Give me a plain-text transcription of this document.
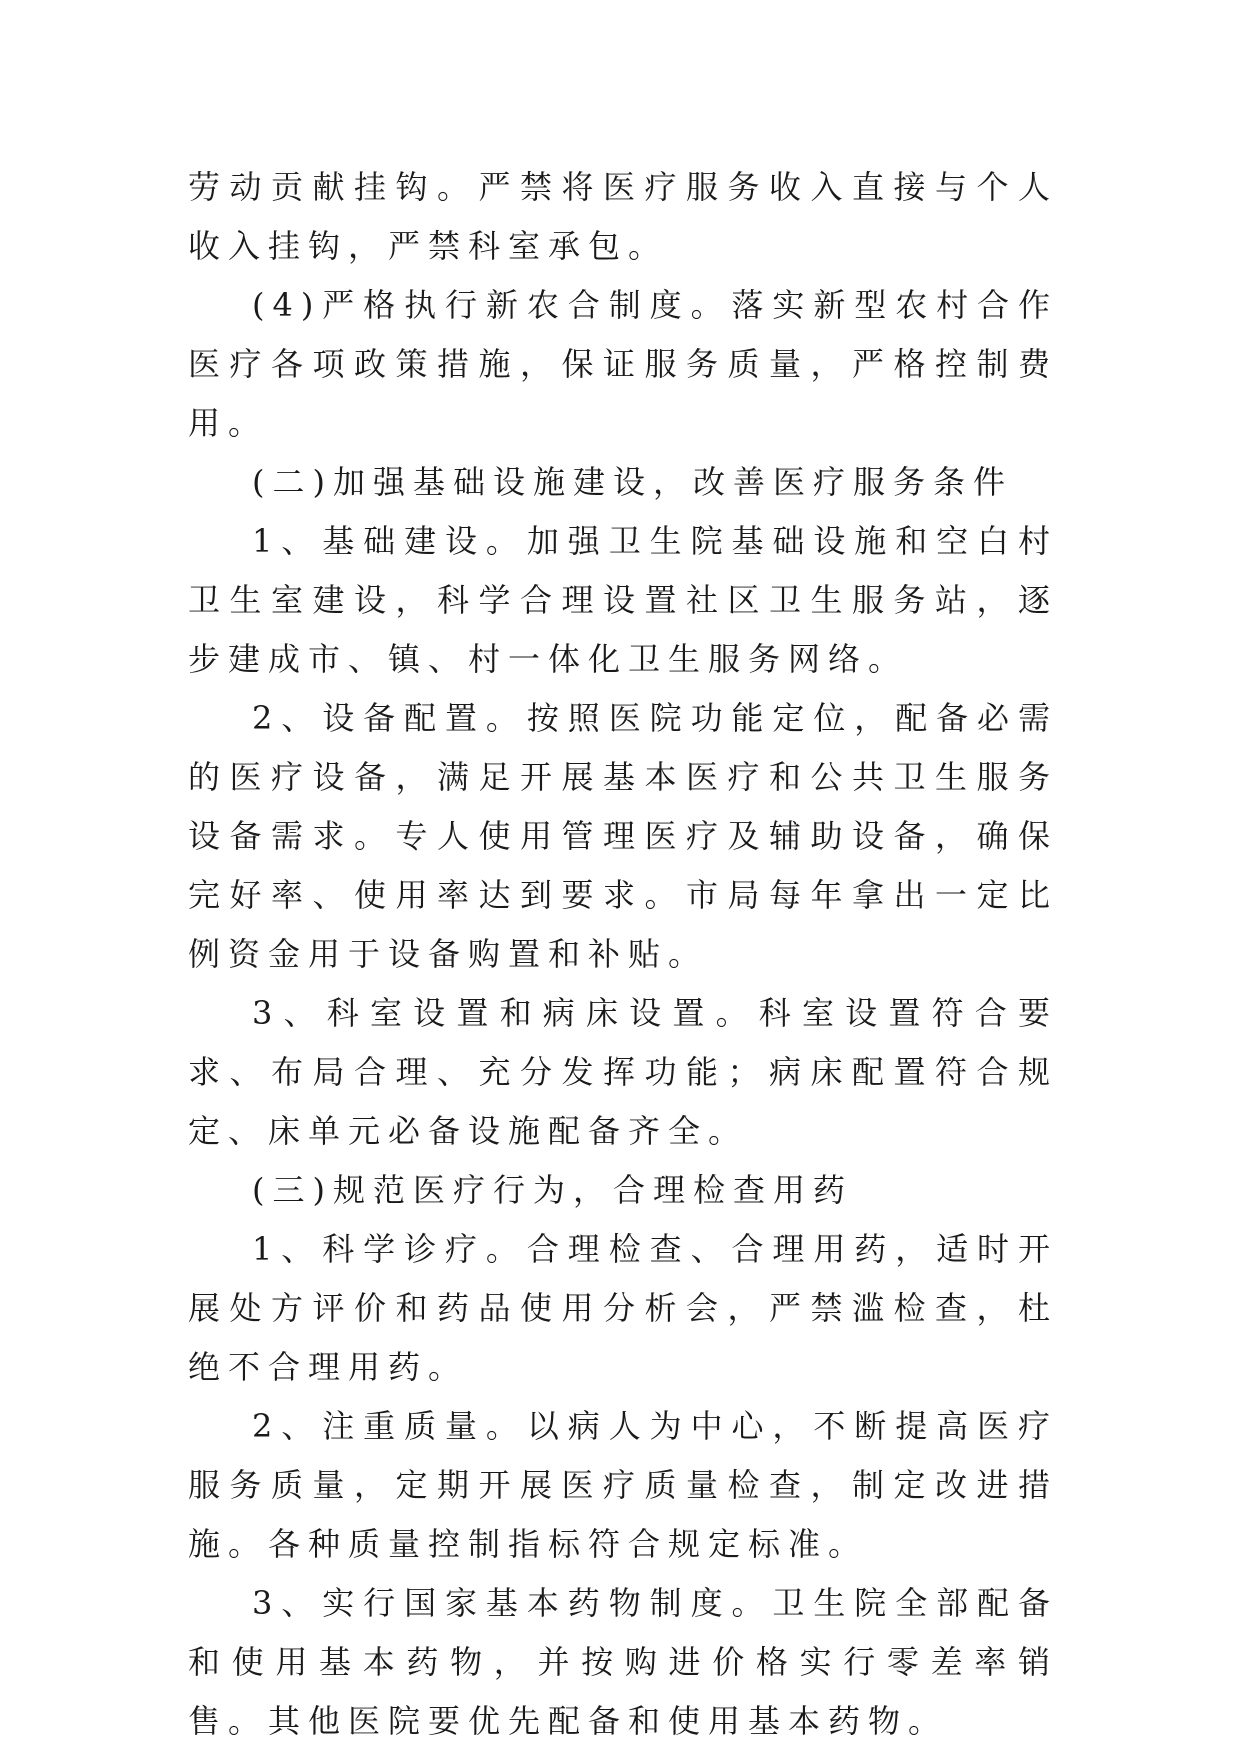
劳动贡献挂钩。严禁将医疗服务收入直接与个人收入挂钩，严禁科室承包。

(4)严格执行新农合制度。落实新型农村合作医疗各项政策措施，保证服务质量，严格控制费用。

(二)加强基础设施建设，改善医疗服务条件

1、基础建设。加强卫生院基础设施和空白村卫生室建设，科学合理设置社区卫生服务站，逐步建成市、镇、村一体化卫生服务网络。

2、设备配置。按照医院功能定位，配备必需的医疗设备，满足开展基本医疗和公共卫生服务设备需求。专人使用管理医疗及辅助设备，确保完好率、使用率达到要求。市局每年拿出一定比例资金用于设备购置和补贴。

3、科室设置和病床设置。科室设置符合要求、布局合理、充分发挥功能；病床配置符合规定、床单元必备设施配备齐全。

(三)规范医疗行为，合理检查用药

1、科学诊疗。合理检查、合理用药，适时开展处方评价和药品使用分析会，严禁滥检查，杜绝不合理用药。

2、注重质量。以病人为中心，不断提高医疗服务质量，定期开展医疗质量检查，制定改进措施。各种质量控制指标符合规定标准。

3、实行国家基本药物制度。卫生院全部配备和使用基本药物，并按购进价格实行零差率销售。其他医院要优先配备和使用基本药物。
